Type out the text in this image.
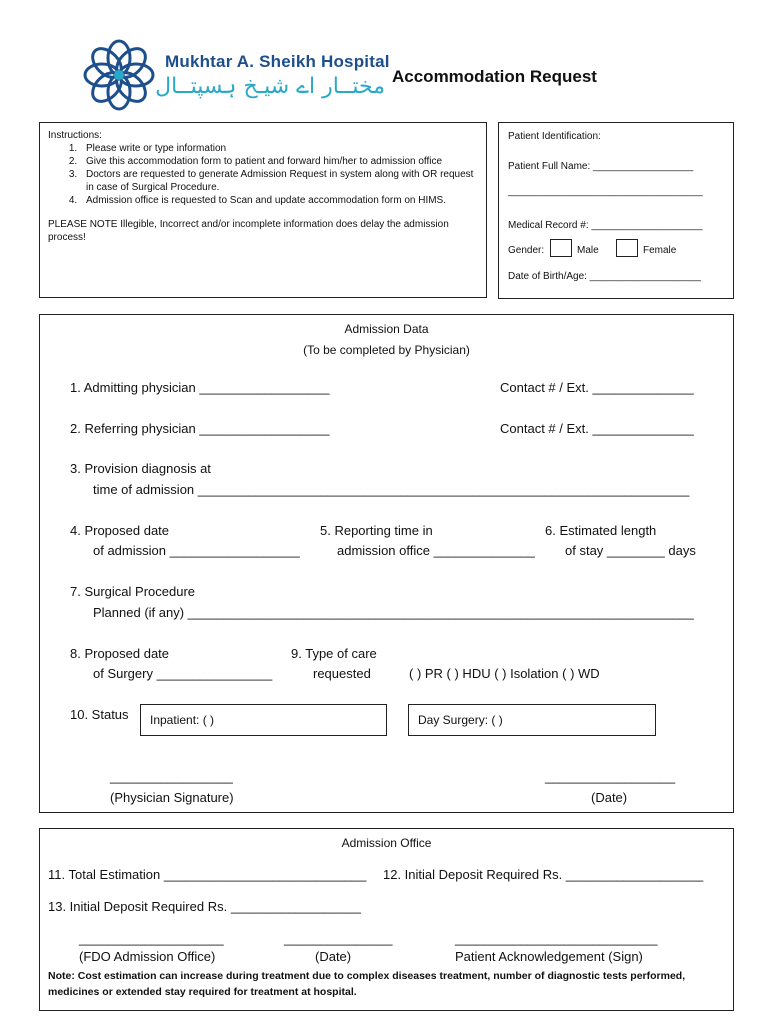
Mukhtar A. Sheikh Hospital
مختــار اے شیـخ ہسپتــال Accommodation Request
Instructions:
1. Please write or type information
2. Give this accommodation form to patient and forward him/her to admission office
3. Doctors are requested to generate Admission Request in system along with OR request in case of Surgical Procedure.
4. Admission office is requested to Scan and update accommodation form on HIMS.
PLEASE NOTE Illegible, Incorrect and/or incomplete information does delay the admission process!
Patient Identification:
Patient Full Name: __________________
___________________________________
Medical Record #: ____________________
Gender:	Male	Female
Date of Birth/Age: ____________________
Admission Data
(To be completed by Physician)
1. Admitting physician __________________	Contact # / Ext. ______________
2. Referring physician __________________	Contact # / Ext. ______________
3. Provision diagnosis at
time of admission ____________________________________________________________________
4. Proposed date
of admission __________________
5. Reporting time in
admission office ______________
6. Estimated length
of stay ________ days
7. Surgical Procedure
Planned (if any) ______________________________________________________________________
8. Proposed date
of Surgery ________________
9. Type of care
requested	( ) PR ( ) HDU ( ) Isolation ( ) WD
10. Status Inpatient: ( )	Day Surgery: ( )
_________________
(Physician Signature)
__________________
(Date)
Admission Office
11. Total Estimation ____________________________ 12. Initial Deposit Required Rs. ___________________
13. Initial Deposit Required Rs. __________________
____________________
(FDO Admission Office)
_______________
(Date)
____________________________
Patient Acknowledgement (Sign)
Note: Cost estimation can increase during treatment due to complex diseases treatment, number of diagnostic tests performed, medicines or extended stay required for treatment at hospital.
